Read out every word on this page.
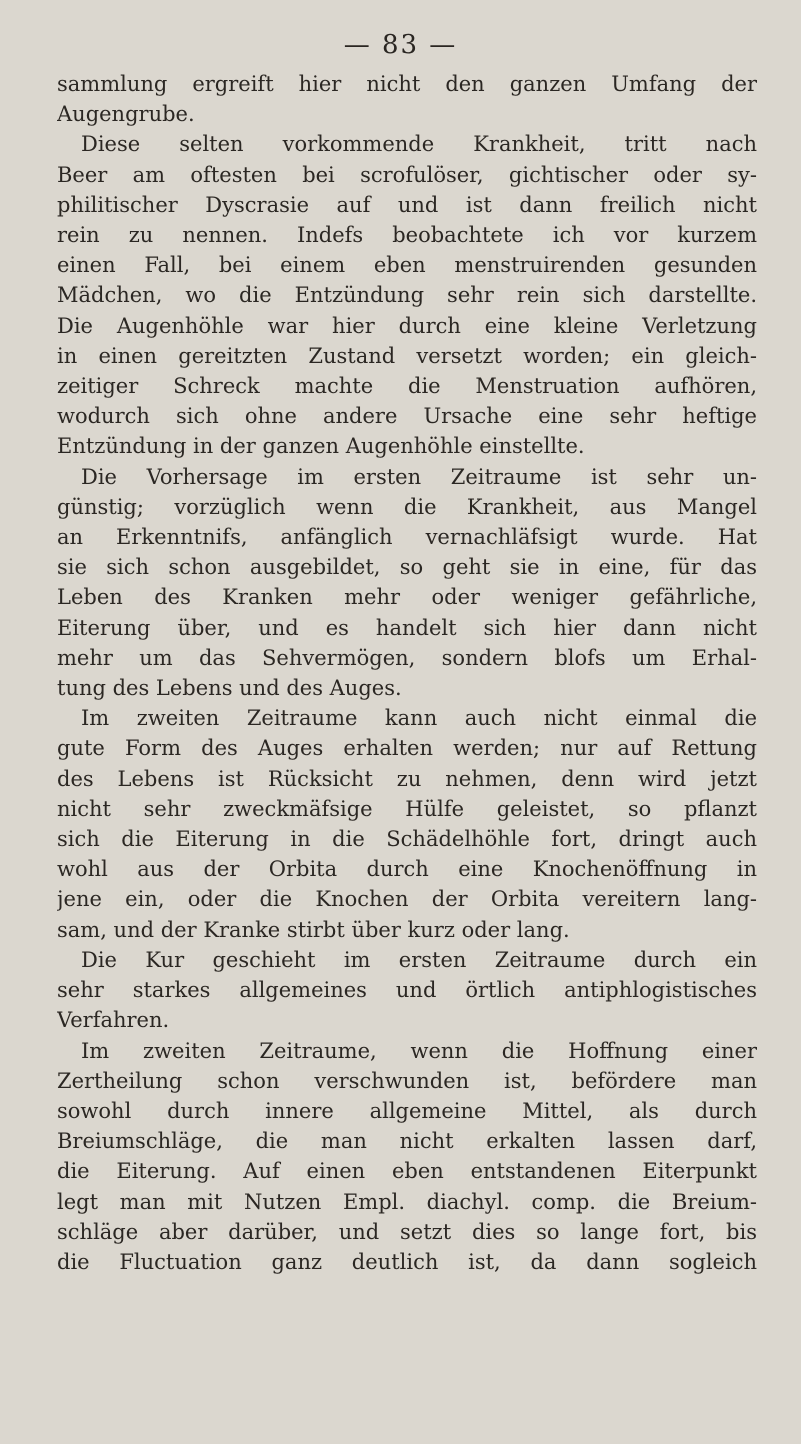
— 83 —
sammlung ergreift hier nicht den ganzen Umfang der
Augengrube.
Diese selten vorkommende Krankheit, tritt nach
Beer am oftesten bei scrofulöser, gichtischer oder sy-
philitischer Dyscrasie auf und ist dann freilich nicht
rein zu nennen. Indefs beobachtete ich vor kurzem
einen Fall, bei einem eben menstruirenden gesunden
Mädchen, wo die Entzündung sehr rein sich darstellte.
Die Augenhöhle war hier durch eine kleine Verletzung
in einen gereitzten Zustand versetzt worden; ein gleich-
zeitiger Schreck machte die Menstruation aufhören,
wodurch sich ohne andere Ursache eine sehr heftige
Entzündung in der ganzen Augenhöhle einstellte.
Die Vorhersage im ersten Zeitraume ist sehr un-
günstig; vorzüglich wenn die Krankheit, aus Mangel
an Erkenntnifs, anfänglich vernachläfsigt wurde. Hat
sie sich schon ausgebildet, so geht sie in eine, für das
Leben des Kranken mehr oder weniger gefährliche,
Eiterung über, und es handelt sich hier dann nicht
mehr um das Sehvermögen, sondern blofs um Erhal-
tung des Lebens und des Auges.
Im zweiten Zeitraume kann auch nicht einmal die
gute Form des Auges erhalten werden; nur auf Rettung
des Lebens ist Rücksicht zu nehmen, denn wird jetzt
nicht sehr zweckmäfsige Hülfe geleistet, so pflanzt
sich die Eiterung in die Schädelhöhle fort, dringt auch
wohl aus der Orbita durch eine Knochenöffnung in
jene ein, oder die Knochen der Orbita vereitern lang-
sam, und der Kranke stirbt über kurz oder lang.
Die Kur geschieht im ersten Zeitraume durch ein
sehr starkes allgemeines und örtlich antiphlogistisches
Verfahren.
Im zweiten Zeitraume, wenn die Hoffnung einer
Zertheilung schon verschwunden ist, befördere man
sowohl durch innere allgemeine Mittel, als durch
Breiumschläge, die man nicht erkalten lassen darf,
die Eiterung. Auf einen eben entstandenen Eiterpunkt
legt man mit Nutzen Empl. diachyl. comp. die Breium-
schläge aber darüber, und setzt dies so lange fort, bis
die Fluctuation ganz deutlich ist, da dann sogleich
